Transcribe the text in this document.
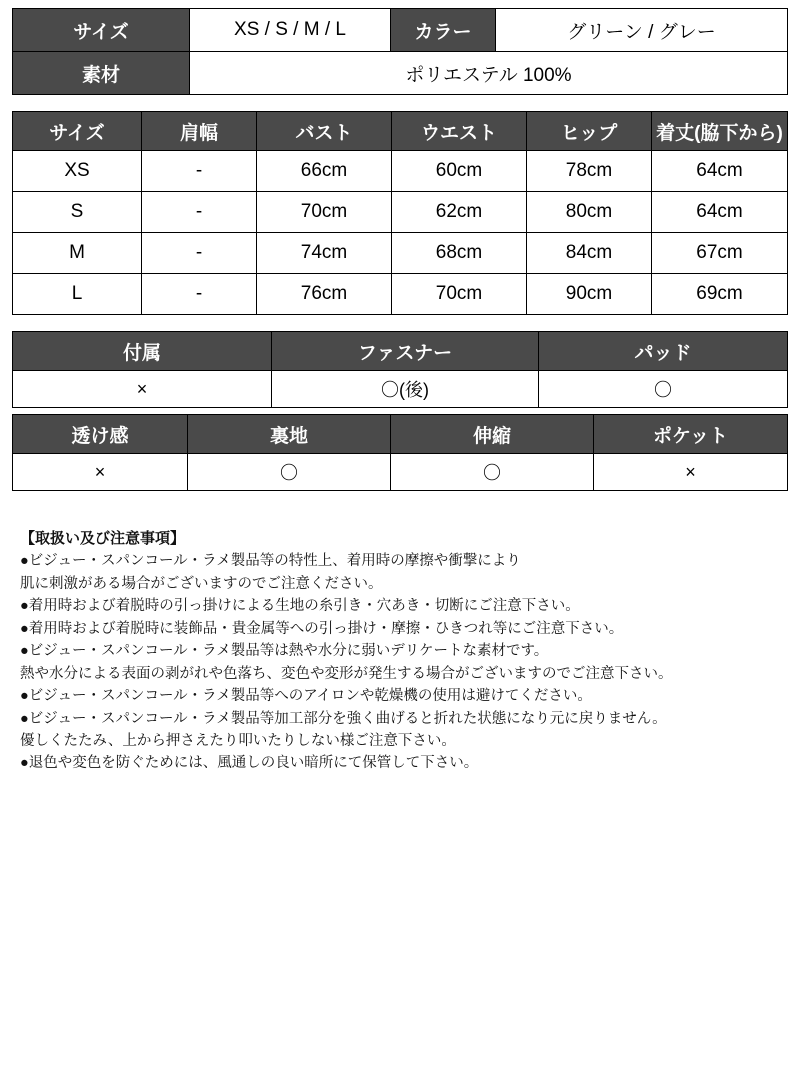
サイズ	XS / S / M / L	カラー	グリーン / グレー
素材	ポリエステル 100%		
サイズ	肩幅	バスト	ウエスト	ヒップ	着丈(脇下から)
XS	-	66cm	60cm	78cm	64cm
S	-	70cm	62cm	80cm	64cm
M	-	74cm	68cm	84cm	67cm
L	-	76cm	70cm	90cm	69cm
付属	ファスナー	パッド
×	〇(後)	〇
透け感	裏地	伸縮	ポケット
×	〇	〇	×

【取扱い及び注意事項】

●ビジュー・スパンコール・ラメ製品等の特性上、着用時の摩擦や衝撃により

肌に刺激がある場合がございますのでご注意ください。

●着用時および着脱時の引っ掛けによる生地の糸引き・穴あき・切断にご注意下さい。

●着用時および着脱時に装飾品・貴金属等への引っ掛け・摩擦・ひきつれ等にご注意下さい。

●ビジュー・スパンコール・ラメ製品等は熱や水分に弱いデリケートな素材です。

熱や水分による表面の剥がれや色落ち、変色や変形が発生する場合がございますのでご注意下さい。

●ビジュー・スパンコール・ラメ製品等へのアイロンや乾燥機の使用は避けてください。

●ビジュー・スパンコール・ラメ製品等加工部分を強く曲げると折れた状態になり元に戻りません。

優しくたたみ、上から押さえたり叩いたりしない様ご注意下さい。

●退色や変色を防ぐためには、風通しの良い暗所にて保管して下さい。
